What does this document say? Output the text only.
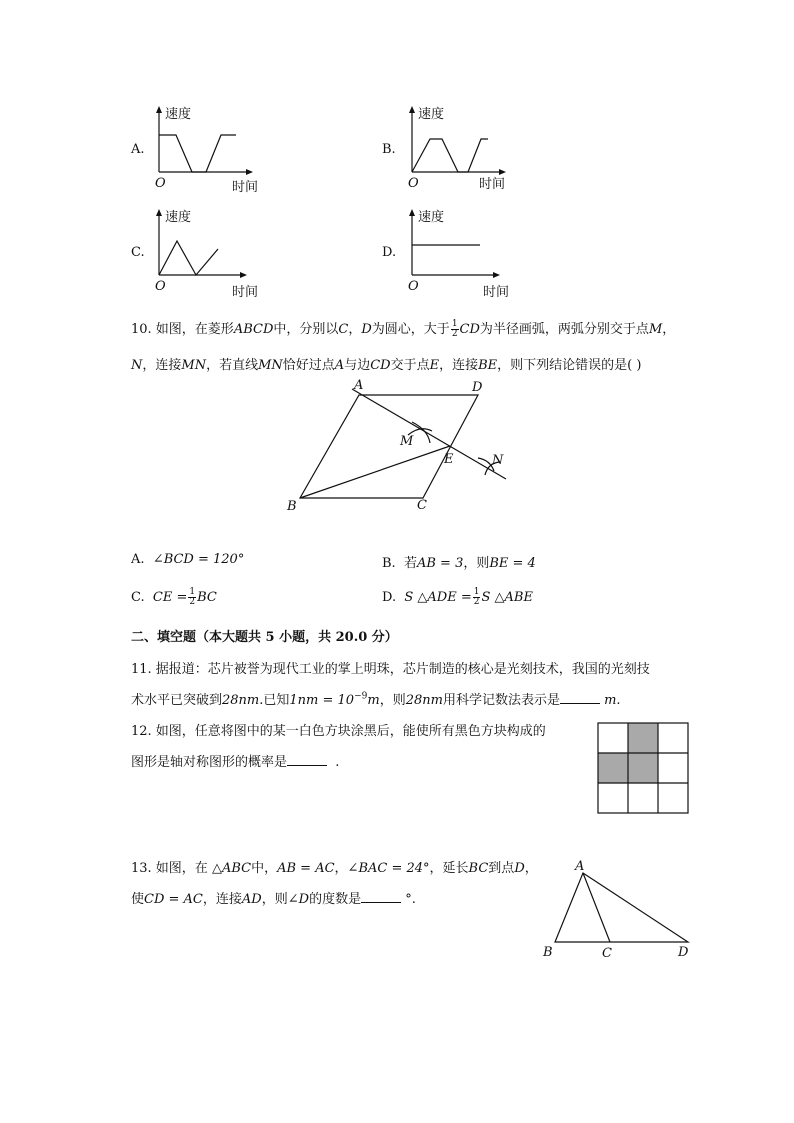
A.
速度
O	时间
B.
速度
O	时间
C.
速度
O	时间
D.
速度
O	时间
10. 如图，在菱形ABCD中，分别以C，D为圆心，大于 $\frac{1}{2}$ CD为半径画弧，两弧分别交于点M，
N，连接MN，若直线MN恰好过点A与边CD交于点E，连接BE，则下列结论错误的是( )
A	D
M
E	N
B	C
A. ∠BCD = 120°	B. 若AB = 3，则BE = 4
C. CE = $\frac{1}{2}$ BC	D. S △ADE = $\frac{1}{2}$ S △ABE
二、填空题（本大题共 5 小题，共 20.0 分）
11. 据报道：芯片被誉为现代工业的掌上明珠，芯片制造的核心是光刻技术，我国的光刻技
术水平已突破到28nm.已知$1nm = 10^{-9}m$，则28nm用科学记数法表示是	m.
12. 如图，任意将图中的某一白色方块涂黑后，能使所有黑色方块构成的
图形是轴对称图形的概率是	.
13. 如图，在 △ABC中，AB = AC，∠BAC = 24°，延长BC到点D，
使CD = AC，连接AD，则∠D的度数是	°.
A
B	C	D
